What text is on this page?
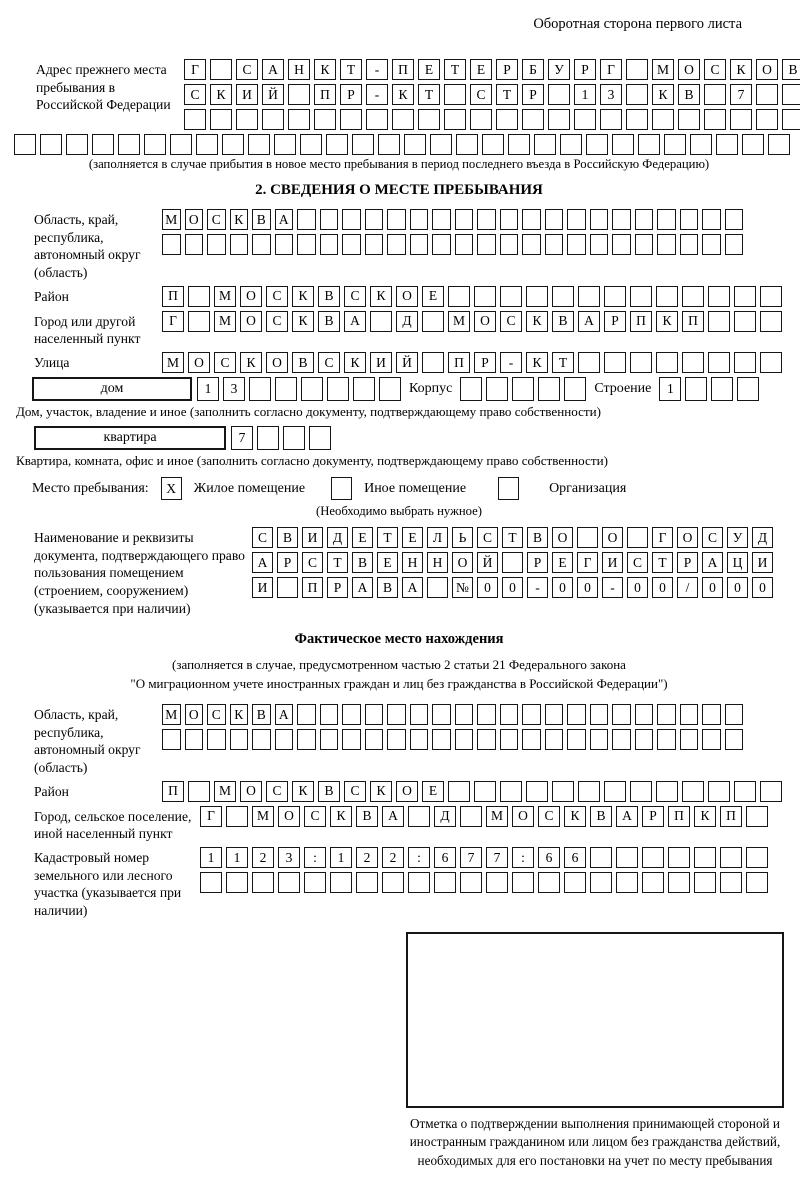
Оборотная сторона первого листа
Адрес прежнего места пребывания в Российской Федерации
Г	С	А	Н	К	Т	-	П	Е	Т	Е	Р	Б	У	Р	Г	М	О	С	К	О	В
С	К	И	Й	П	Р	-	К	Т	С	Т	Р	1	3	К	В	7
(заполняется в случае прибытия в новое место пребывания в период последнего въезда в Российскую Федерацию)
2. СВЕДЕНИЯ О МЕСТЕ ПРЕБЫВАНИЯ
Область, край, республика, автономный округ (область)
М О С К В А
Район	П	М	О	С	К	В	С	К	О	Е
Город или другой населенный пункт
Г	М	О	С	К	В	А	Д	М	О	С	К	В	А	Р	П	К	П
Улица	М	О	С	К	О	В	С	К	И	Й	П	Р	-	К	Т
дом	1	3	Корпус	Строение	1
Дом, участок, владение и иное (заполнить согласно документу, подтверждающему право собственности)
квартира	7
Квартира, комната, офис и иное (заполнить согласно документу, подтверждающему право собственности)
Место пребывания:	X	Жилое помещение	Иное помещение	Организация
(Необходимо выбрать нужное)
Наименование и реквизиты документа, подтверждающего право пользования помещением (строением, сооружением) (указывается при наличии)
С	В	И	Д	Е	Т	Е	Л	Ь	С	Т	В	О	О	Г	О	С	У	Д
А	Р	С	Т	В	Е	Н	Н	О	Й	Р	Е	Г	И	С	Т	Р	А	Ц	И
И	П	Р	А	В	А	№	0	0	-	0	0	-	0	0	/	0	0	0
Фактическое место нахождения
(заполняется в случае, предусмотренном частью 2 статьи 21 Федерального закона
"О миграционном учете иностранных граждан и лиц без гражданства в Российской Федерации")
Область, край, республика, автономный округ (область)
М О С К В А
Район	П	М	О	С	К	В	С	К	О	Е
Город, сельское поселение, иной населенный пункт
Г	М	О	С	К	В	А	Д	М	О	С	К	В	А	Р	П	К	П
Кадастровый номер земельного или лесного участка (указывается при наличии)
1	1	2	3	:	1	2	2	:	6	7	7	:	6	6
Отметка о подтверждении выполнения принимающей стороной и иностранным гражданином или лицом без гражданства действий, необходимых для его постановки на учет по месту пребывания
